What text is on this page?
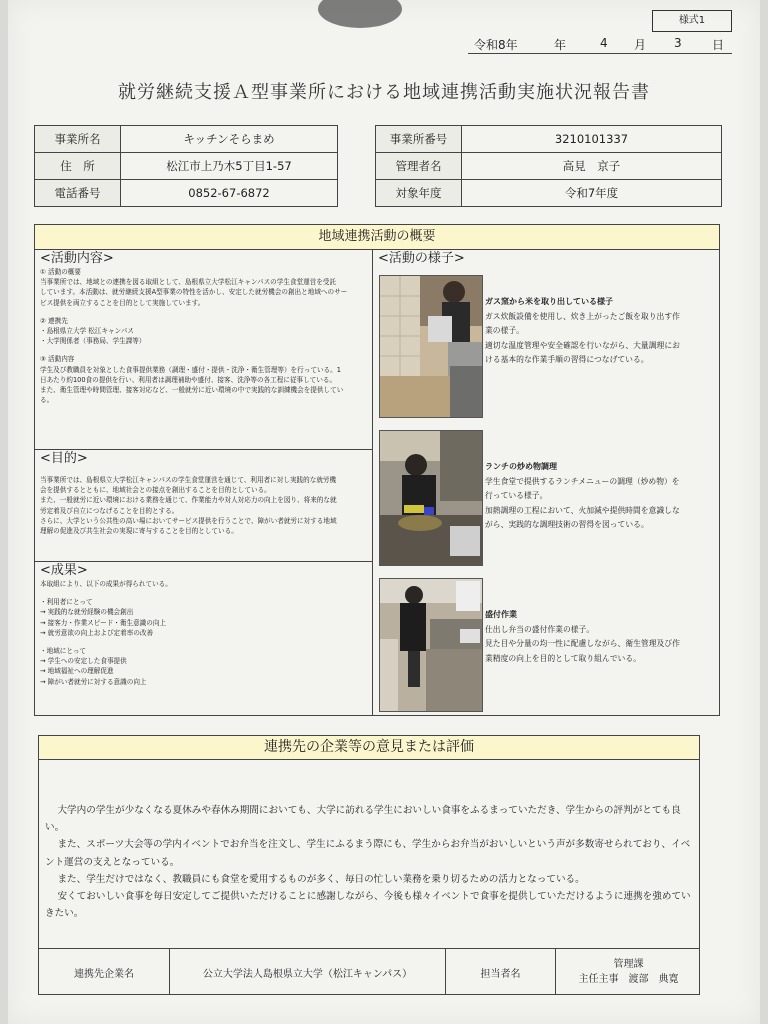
様式1
令和8年	年	4 月 3	日
就労継続支援Ａ型事業所における地域連携活動実施状況報告書
事業所名	キッチンそらまめ
住　所	松江市上乃木5丁目1-57
電話番号	0852-67-6872
事業所番号	3210101337
管理者名	高見　京子
対象年度	令和7年度
地域連携活動の概要
<活動内容>

① 活動の概要

当事業所では、地域との連携を図る取組として、島根県立大学松江キャンパスの学生食堂運営を受託

しています。本活動は、就労継続支援A型事業の特性を活かし、安定した就労機会の創出と地域へのサー

ビス提供を両立することを目的として実施しています。

② 連携先

・島根県立大学 松江キャンパス

・大学関係者（事務局、学生課等）

③ 活動内容

学生及び教職員を対象とした食事提供業務（調理・盛付・提供・洗浄・衛生管理等）を行っている。1

日あたり約100食の提供を行い、利用者は調理補助や盛付、接客、洗浄等の各工程に従事している。

また、衛生管理や時間管理、接客対応など、一般就労に近い環境の中で実践的な訓練機会を提供してい

る。

<目的>

当事業所では、島根県立大学松江キャンパスの学生食堂運営を通じて、利用者に対し実践的な就労機

会を提供するとともに、地域社会との接点を創出することを目的としている。

また、一般就労に近い環境における業務を通じて、作業能力や対人対応力の向上を図り、将来的な就

労定着及び自立につなげることを目的とする。

さらに、大学という公共性の高い場においてサービス提供を行うことで、障がい者就労に対する地域

理解の促進及び共生社会の実現に寄与することを目的としている。

<成果>

本取組により、以下の成果が得られている。

・利用者にとって

→ 実践的な就労経験の機会創出

→ 接客力・作業スピード・衛生意識の向上

→ 就労意欲の向上および定着率の改善

・地域にとって

→ 学生への安定した食事提供

→ 地域福祉への理解促進

→ 障がい者就労に対する意識の向上

<活動の様子>
ガス窯から米を取り出している様子
ガス炊飯設備を使用し、炊き上がったご飯を取り出す作
業の様子。
適切な温度管理や安全確認を行いながら、大量調理にお
ける基本的な作業手順の習得につなげている。
ランチの炒め物調理
学生食堂で提供するランチメニューの調理（炒め物）を
行っている様子。
加熱調理の工程において、火加減や提供時間を意識しな
がら、実践的な調理技術の習得を図っている。
盛付作業
仕出し弁当の盛付作業の様子。
見た目や分量の均一性に配慮しながら、衛生管理及び作
業精度の向上を目的として取り組んでいる。
連携先の企業等の意見または評価

大学内の学生が少なくなる夏休みや春休み期間においても、大学に訪れる学生においしい食事をふるまっていただき、学生からの評判がとても良い。

また、スポーツ大会等の学内イベントでお弁当を注文し、学生にふるまう際にも、学生からお弁当がおいしいという声が多数寄せられており、イベント運営の支えとなっている。

また、学生だけではなく、教職員にも食堂を愛用するものが多く、毎日の忙しい業務を乗り切るための活力となっている。

安くておいしい食事を毎日安定してご提供いただけることに感謝しながら、今後も様々イベントで食事を提供していただけるように連携を強めていきたい。

連携先企業名	公立大学法人島根県立大学（松江キャンパス）	担当者名
管理課
主任主事　渡部　典寛
